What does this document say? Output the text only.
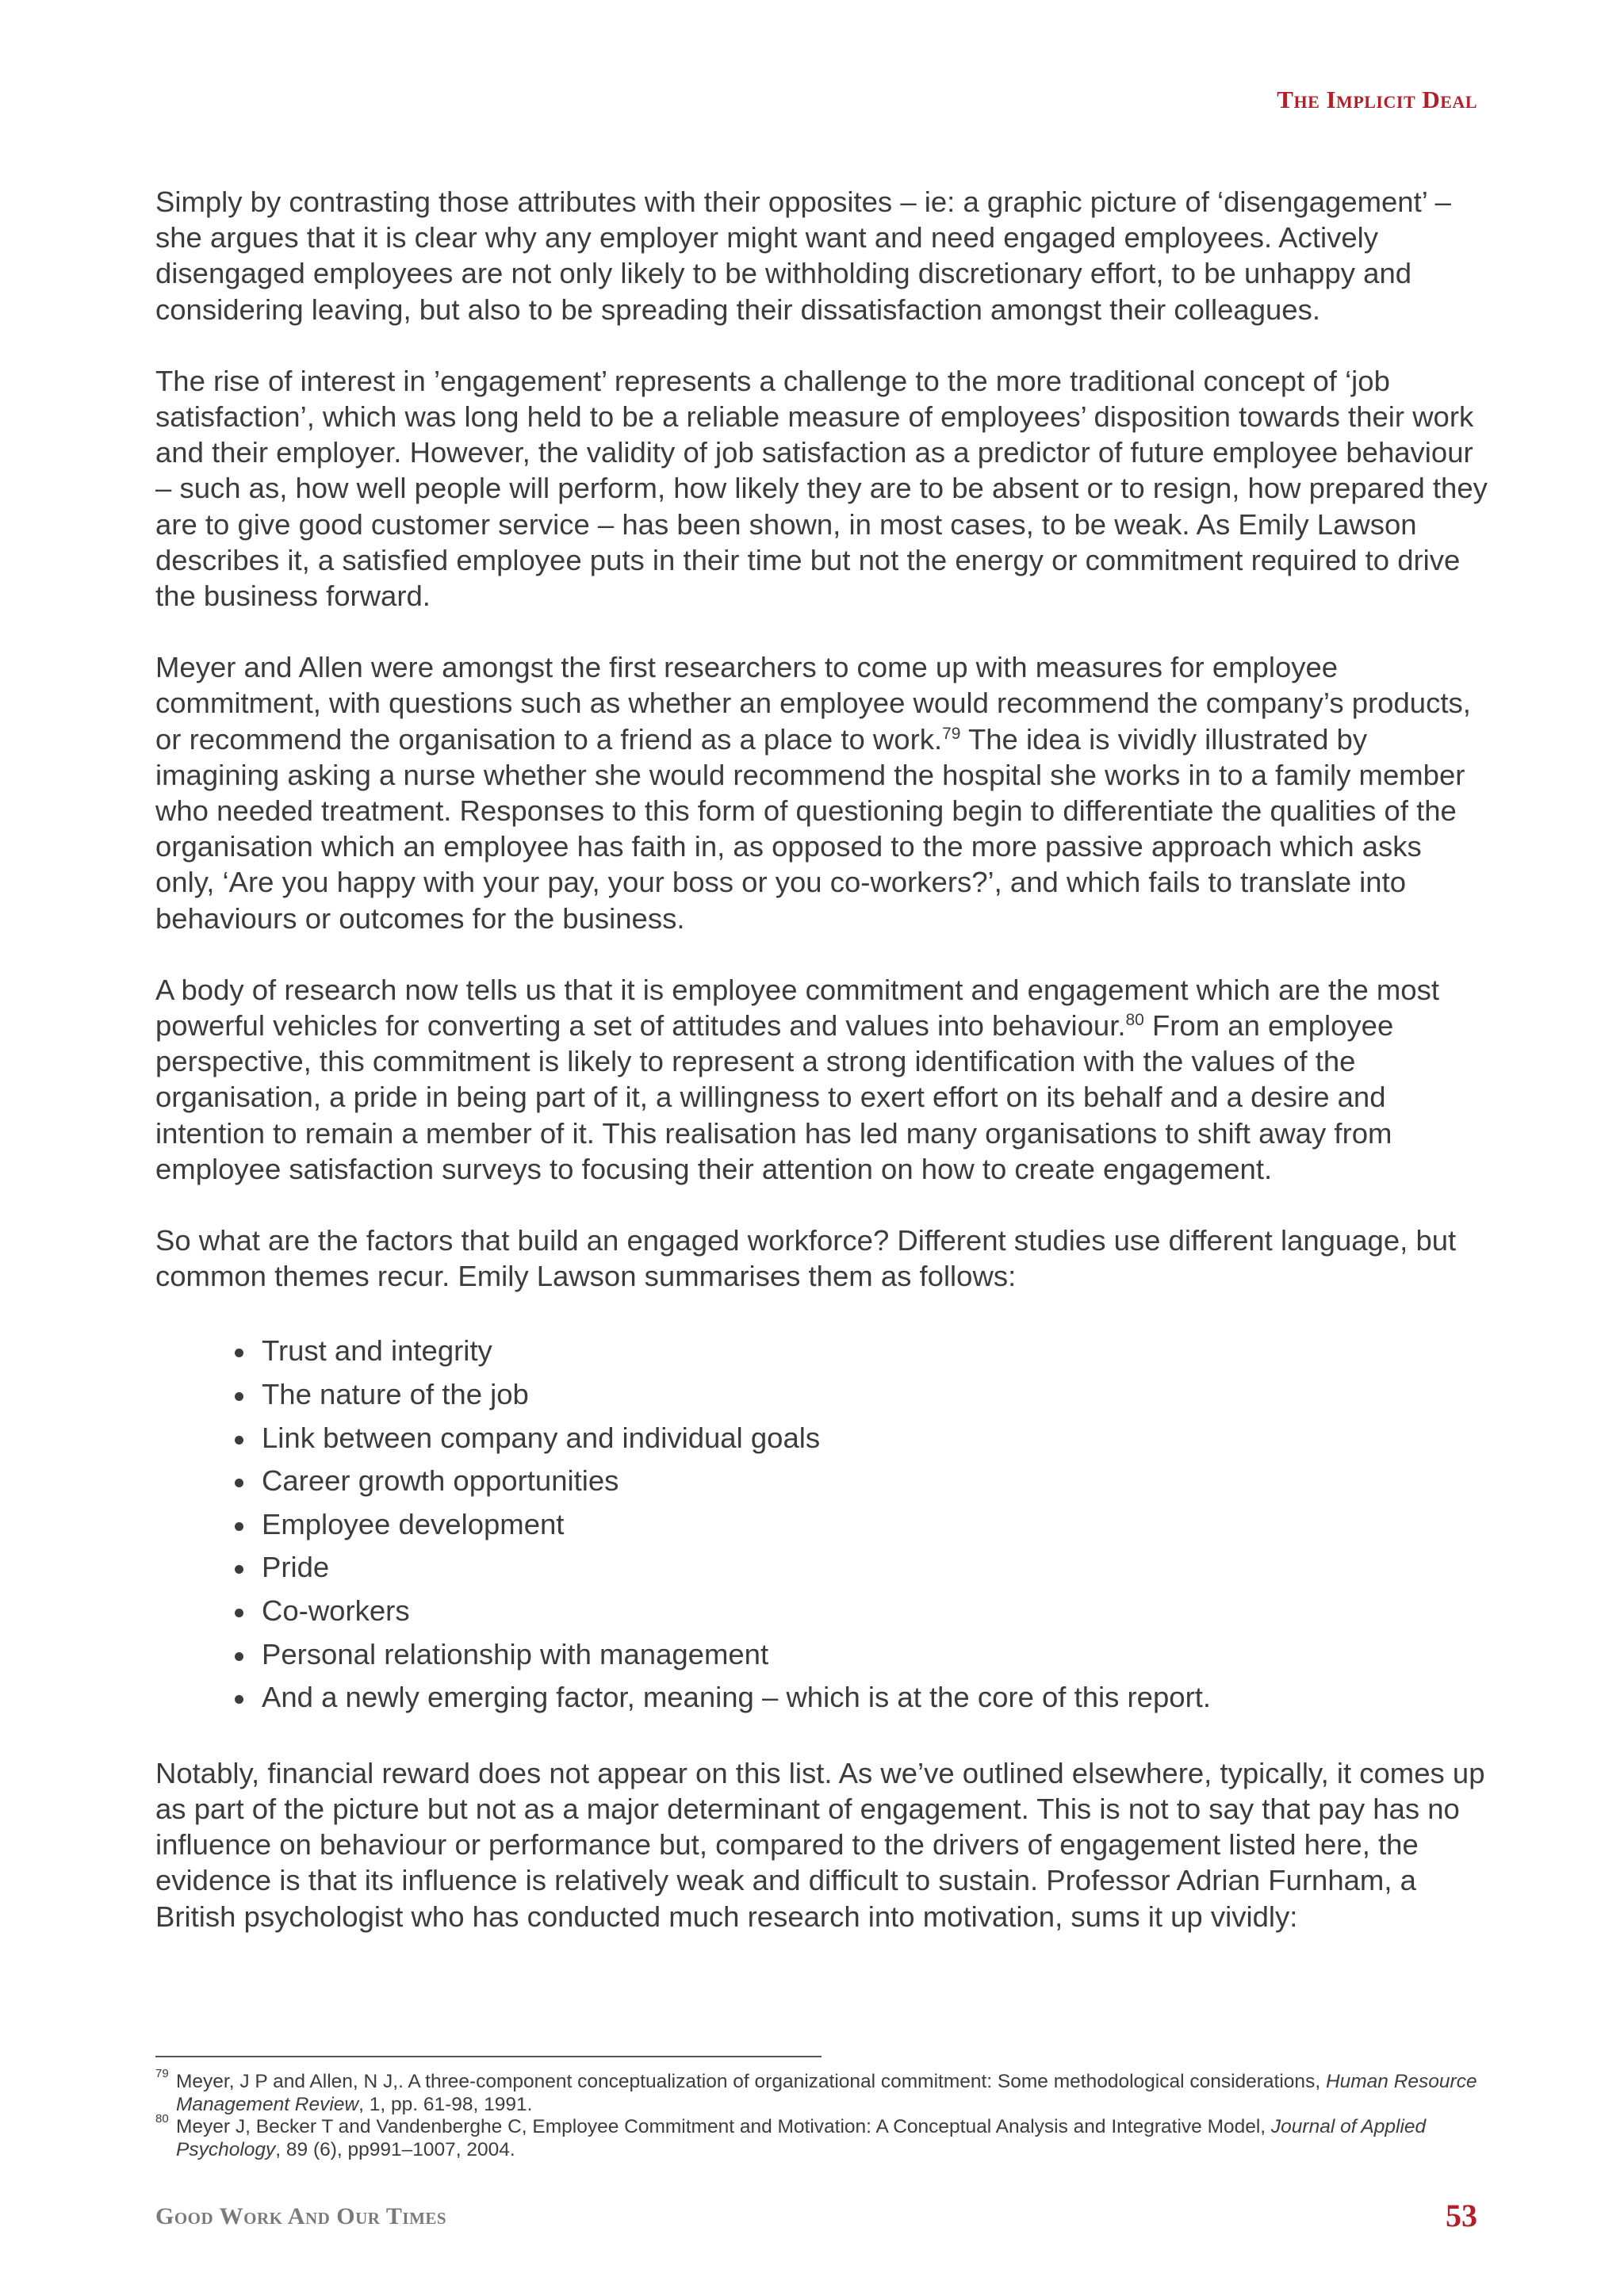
The Implicit Deal

Simply by contrasting those attributes with their opposites – ie: a graphic picture of ‘disengagement’ – she argues that it is clear why any employer might want and need engaged employees. Actively disengaged employees are not only likely to be withholding discretionary effort, to be unhappy and considering leaving, but also to be spreading their dissatisfaction amongst their colleagues.

The rise of interest in ’engagement’ represents a challenge to the more traditional concept of ‘job satisfaction’, which was long held to be a reliable measure of employees’ disposition towards their work and their employer. However, the validity of job satisfaction as a predictor of future employee behaviour – such as, how well people will perform, how likely they are to be absent or to resign, how prepared they are to give good customer service – has been shown, in most cases, to be weak. As Emily Lawson describes it, a satisfied employee puts in their time but not the energy or commitment required to drive the business forward.

Meyer and Allen were amongst the first researchers to come up with measures for employee commitment, with questions such as whether an employee would recommend the company’s products, or recommend the organisation to a friend as a place to work.$^{79}$ The idea is vividly illustrated by imagining asking a nurse whether she would recommend the hospital she works in to a family member who needed treatment. Responses to this form of questioning begin to differentiate the qualities of the organisation which an employee has faith in, as opposed to the more passive approach which asks only, ‘Are you happy with your pay, your boss or you co-workers?’, and which fails to translate into behaviours or outcomes for the business.

A body of research now tells us that it is employee commitment and engagement which are the most powerful vehicles for converting a set of attitudes and values into behaviour.$^{80}$ From an employee perspective, this commitment is likely to represent a strong identification with the values of the organisation, a pride in being part of it, a willingness to exert effort on its behalf and a desire and intention to remain a member of it. This realisation has led many organisations to shift away from employee satisfaction surveys to focusing their attention on how to create engagement.

So what are the factors that build an engaged workforce? Different studies use different language, but common themes recur. Emily Lawson summarises them as follows:

Trust and integrity
The nature of the job
Link between company and individual goals
Career growth opportunities
Employee development
Pride
Co-workers
Personal relationship with management
And a newly emerging factor, meaning – which is at the core of this report.

Notably, financial reward does not appear on this list. As we’ve outlined elsewhere, typically, it comes up as part of the picture but not as a major determinant of engagement. This is not to say that pay has no influence on behaviour or performance but, compared to the drivers of engagement listed here, the evidence is that its influence is relatively weak and difficult to sustain. Professor Adrian Furnham, a British psychologist who has conducted much research into motivation, sums it up vividly:

79 Meyer, J P and Allen, N J,. A three-component conceptualization of organizational commitment: Some methodological considerations, Human Resource Management Review, 1, pp. 61-98, 1991.
80 Meyer J, Becker T and Vandenberghe C, Employee Commitment and Motivation: A Conceptual Analysis and Integrative Model, Journal of Applied Psychology, 89 (6), pp991–1007, 2004.
Good Work And Our Times	53
